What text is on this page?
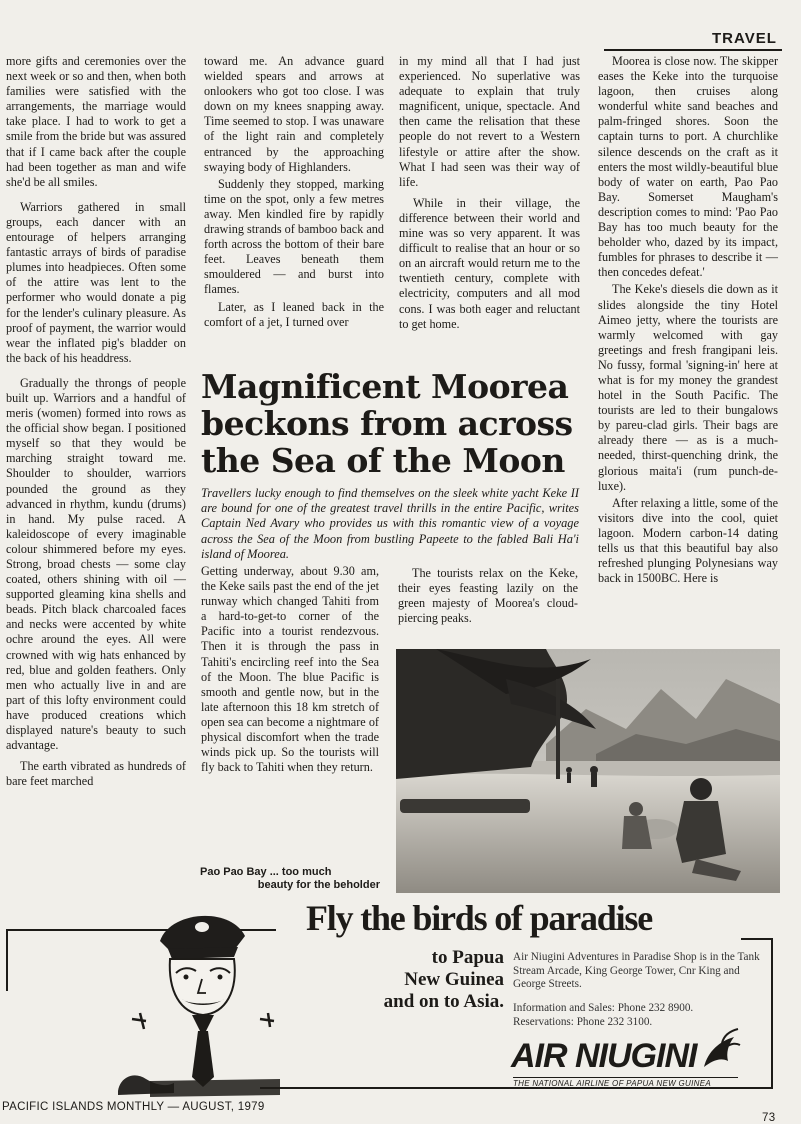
TRAVEL

more gifts and ceremonies over the next week or so and then, when both families were satisfied with the arrangements, the marriage would take place. I had to work to get a smile from the bride but was assured that if I came back after the couple had been together as man and wife she'd be all smiles.

Warriors gathered in small groups, each dancer with an entourage of helpers arranging fantastic arrays of birds of paradise plumes into headpieces. Often some of the attire was lent to the performer who would donate a pig for the lender's culinary pleasure. As proof of payment, the warrior would wear the inflated pig's bladder on the back of his headdress.

Gradually the throngs of people built up. Warriors and a handful of meris (women) formed into rows as the official show began. I positioned myself so that they would be marching straight toward me. Shoulder to shoulder, warriors pounded the ground as they advanced in rhythm, kundu (drums) in hand. My pulse raced. A kaleidoscope of every imaginable colour shimmered before my eyes. Strong, broad chests — some clay coated, others shining with oil — supported gleaming kina shells and beads. Pitch black charcoaled faces and necks were accented by white ochre around the eyes. All were crowned with wig hats enhanced by red, blue and golden feathers. Only men who actually live in and are part of this lofty environment could have produced creations which displayed nature's beauty to such advantage.

The earth vibrated as hundreds of bare feet marched

toward me. An advance guard wielded spears and arrows at onlookers who got too close. I was down on my knees snapping away. Time seemed to stop. I was unaware of the light rain and completely entranced by the approaching swaying body of Highlanders.

Suddenly they stopped, marking time on the spot, only a few metres away. Men kindled fire by rapidly drawing strands of bamboo back and forth across the bottom of their bare feet. Leaves beneath them smouldered — and burst into flames.

Later, as I leaned back in the comfort of a jet, I turned over

in my mind all that I had just experienced. No superlative was adequate to explain that truly magnificent, unique, spectacle. And then came the relisation that these people do not revert to a Western lifestyle or attire after the show. What I had seen was their way of life.

While in their village, the difference between their world and mine was so very apparent. It was difficult to realise that an hour or so on an aircraft would return me to the twentieth century, complete with electricity, computers and all mod cons. I was both eager and reluctant to get home.

Moorea is close now. The skipper eases the Keke into the turquoise lagoon, then cruises along wonderful white sand beaches and palm-fringed shores. Soon the captain turns to port. A churchlike silence descends on the craft as it enters the most wildly-beautiful blue body of water on earth, Pao Pao Bay. Somerset Maugham's description comes to mind: 'Pao Pao Bay has too much beauty for the beholder who, dazed by its impact, fumbles for phrases to describe it — then concedes defeat.'

The Keke's diesels die down as it slides alongside the tiny Hotel Aimeo jetty, where the tourists are warmly welcomed with gay greetings and fresh frangipani leis. No fussy, formal 'signing-in' here at what is for my money the grandest hotel in the South Pacific. The tourists are led to their bungalows by pareu-clad girls. Their bags are already there — as is a much-needed, thirst-quenching drink, the glorious maita'i (rum punch-de-luxe).

After relaxing a little, some of the visitors dive into the cool, quiet lagoon. Modern carbon-14 dating tells us that this beautiful bay also refreshed plunging Polynesians way back in 1500BC. Here is

Magnificent Moorea
beckons from across
the Sea of the Moon
Travellers lucky enough to find themselves on the sleek white yacht Keke II are bound for one of the greatest travel thrills in the entire Pacific, writes Captain Ned Avary who provides us with this romantic view of a voyage across the Sea of the Moon from bustling Papeete to the fabled Bali Ha'i island of Moorea.

Getting underway, about 9.30 am, the Keke sails past the end of the jet runway which changed Tahiti from a hard-to-get-to corner of the Pacific into a tourist rendezvous. Then it is through the pass in Tahiti's encircling reef into the Sea of the Moon. The blue Pacific is smooth and gentle now, but in the late afternoon this 18 km stretch of open sea can become a nightmare of physical discomfort when the trade winds pick up. So the tourists will fly back to Tahiti when they return.

The tourists relax on the Keke, their eyes feasting lazily on the green majesty of Moorea's cloud-piercing peaks.

Pao Pao Bay ... too much
beauty for the beholder
Fly the birds of paradise
to Papua
New Guinea
and on to Asia.
Air Niugini Adventures in Paradise Shop is in the Tank Stream Arcade, King George Tower, Cnr King and George Streets.
Information and Sales: Phone 232 8900.
Reservations: Phone 232 3100.
AIR NIUGINI
THE NATIONAL AIRLINE OF PAPUA NEW GUINEA
PACIFIC ISLANDS MONTHLY — AUGUST, 1979
73
